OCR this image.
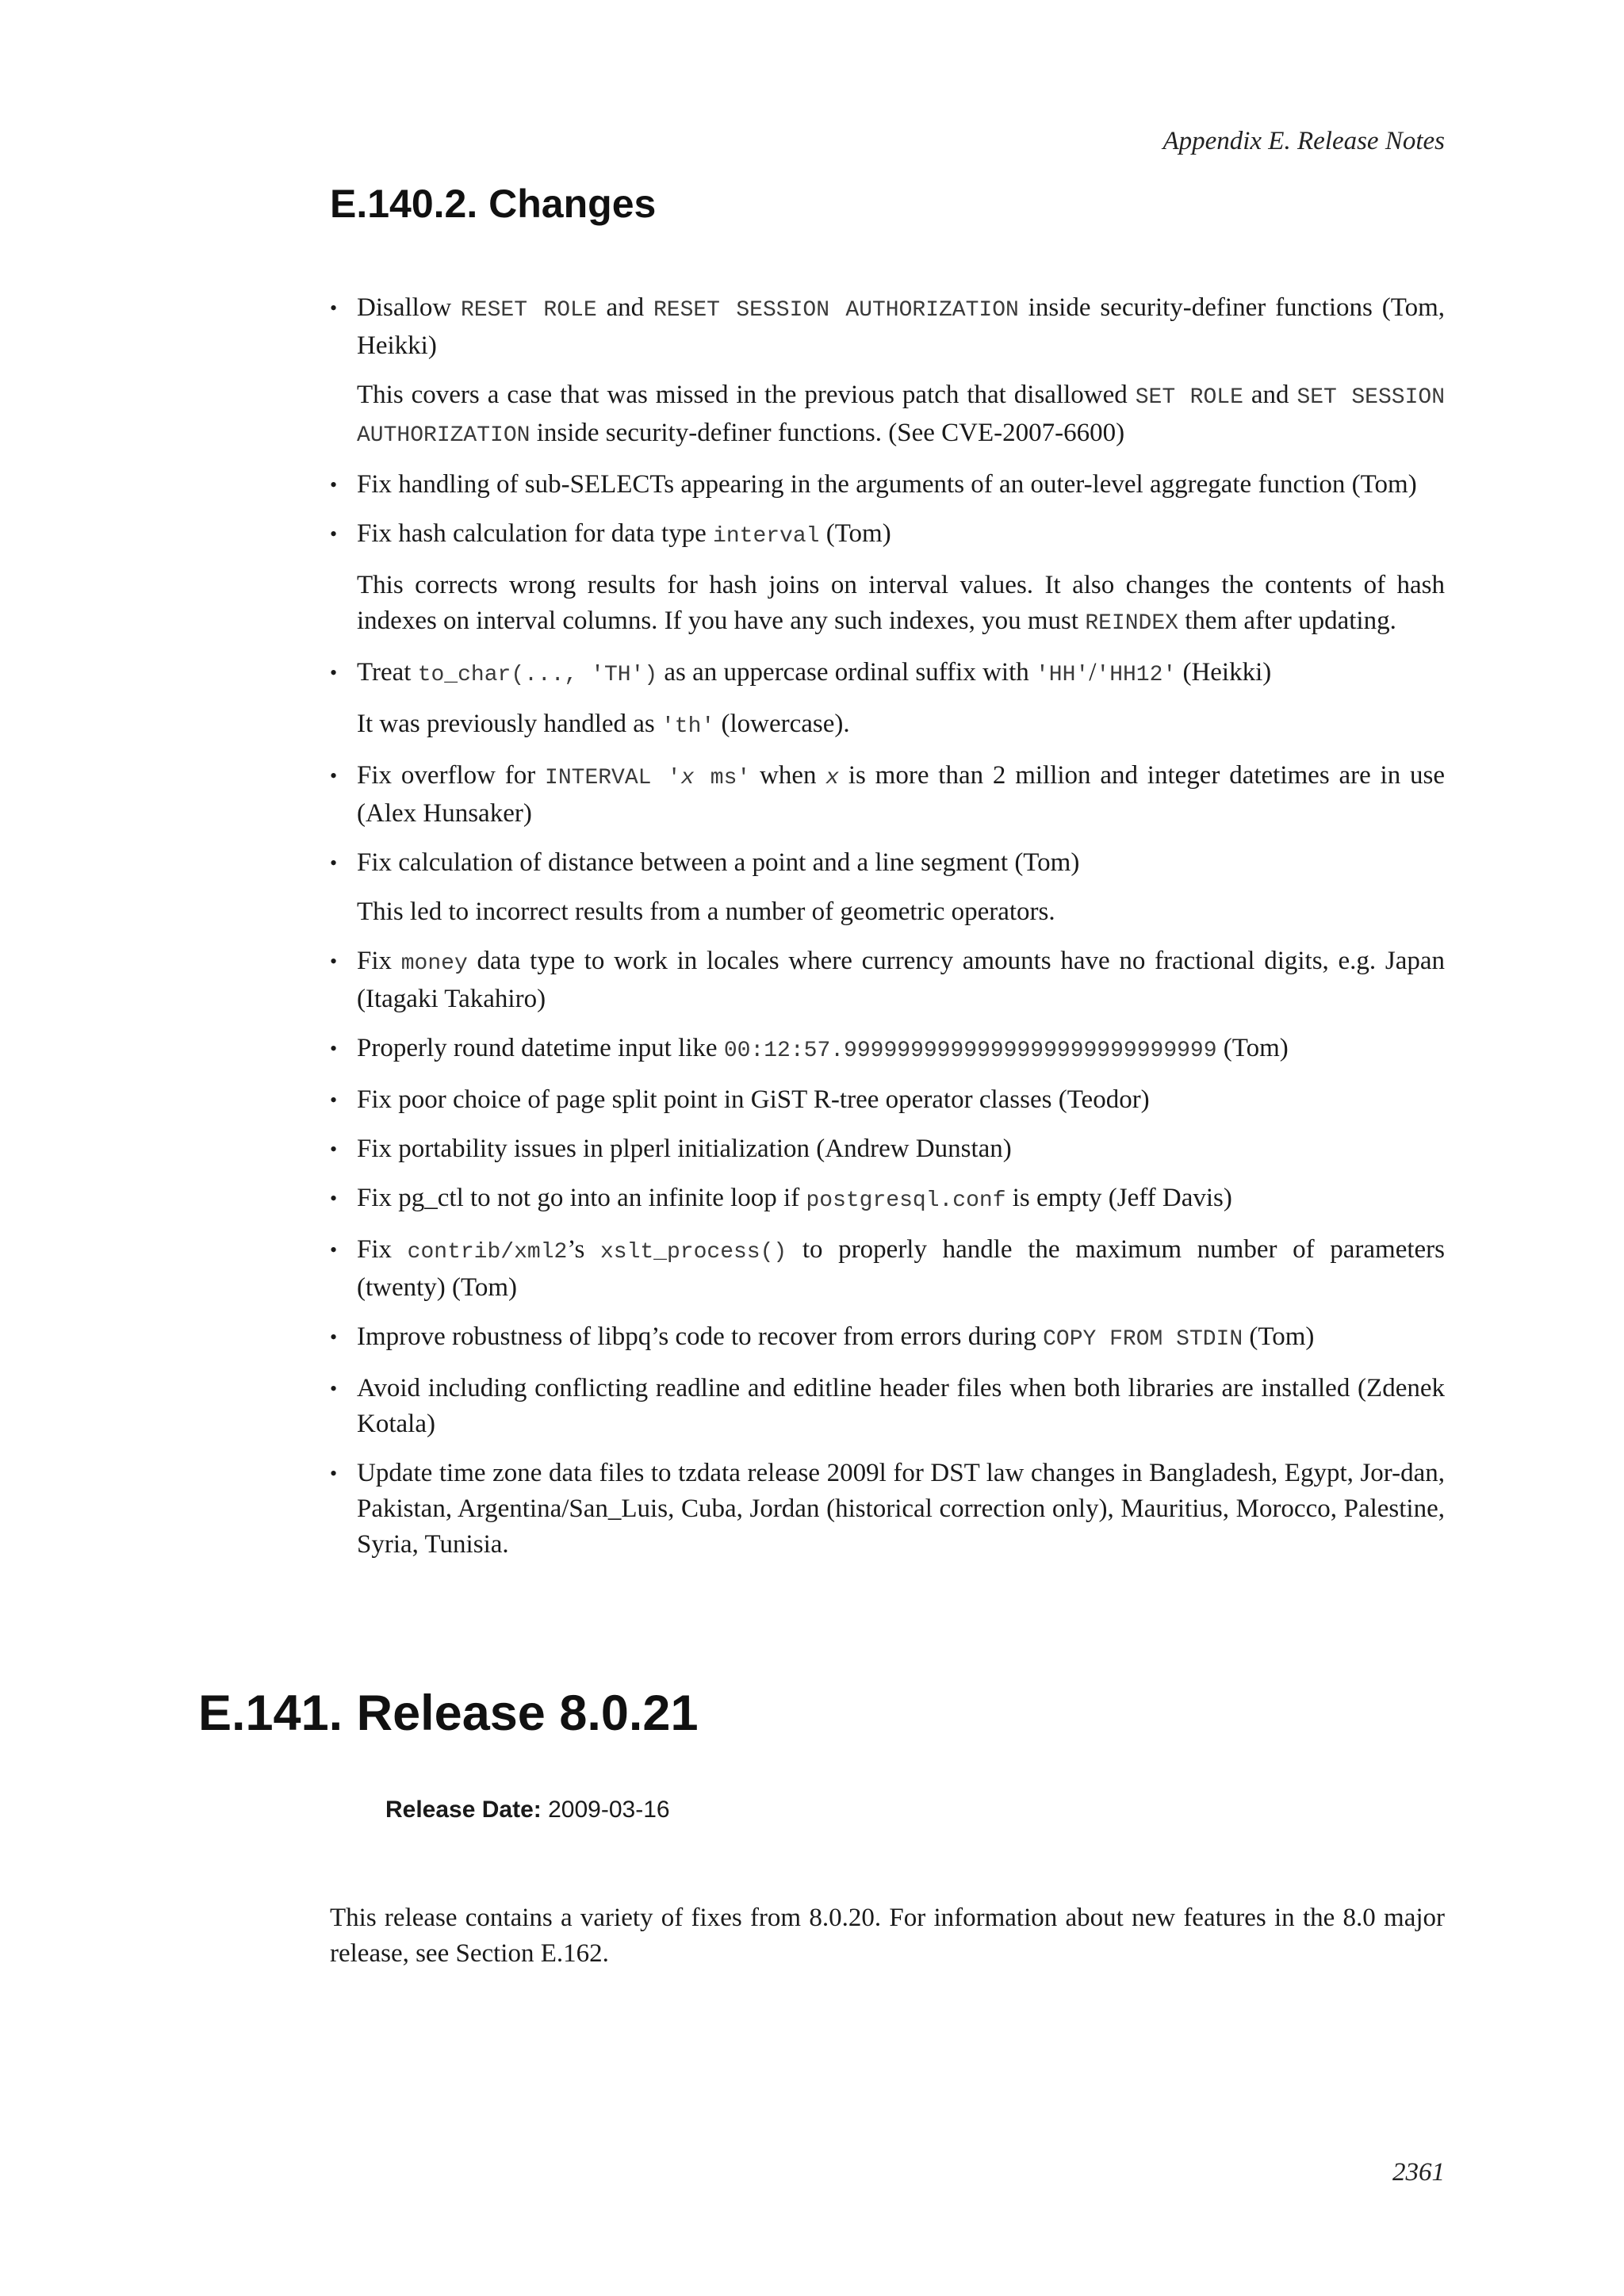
Appendix E. Release Notes
E.140.2. Changes
• Disallow RESET ROLE and RESET SESSION AUTHORIZATION inside security-definer functions (Tom, Heikki)
This covers a case that was missed in the previous patch that disallowed SET ROLE and SET SESSION AUTHORIZATION inside security-definer functions. (See CVE-2007-6600)
• Fix handling of sub-SELECTs appearing in the arguments of an outer-level aggregate function (Tom)
• Fix hash calculation for data type interval (Tom)
This corrects wrong results for hash joins on interval values. It also changes the contents of hash indexes on interval columns. If you have any such indexes, you must REINDEX them after updating.
• Treat to_char(..., 'TH') as an uppercase ordinal suffix with 'HH'/'HH12' (Heikki)
It was previously handled as 'th' (lowercase).
• Fix overflow for INTERVAL 'x ms' when x is more than 2 million and integer datetimes are in use (Alex Hunsaker)
• Fix calculation of distance between a point and a line segment (Tom)
This led to incorrect results from a number of geometric operators.
• Fix money data type to work in locales where currency amounts have no fractional digits, e.g. Japan (Itagaki Takahiro)
• Properly round datetime input like 00:12:57.9999999999999999999999999999 (Tom)
• Fix poor choice of page split point in GiST R-tree operator classes (Teodor)
• Fix portability issues in plperl initialization (Andrew Dunstan)
• Fix pg_ctl to not go into an infinite loop if postgresql.conf is empty (Jeff Davis)
• Fix contrib/xml2’s xslt_process() to properly handle the maximum number of parameters (twenty) (Tom)
• Improve robustness of libpq’s code to recover from errors during COPY FROM STDIN (Tom)
• Avoid including conflicting readline and editline header files when both libraries are installed (Zdenek Kotala)
• Update time zone data files to tzdata release 2009l for DST law changes in Bangladesh, Egypt, Jor-dan, Pakistan, Argentina/San_Luis, Cuba, Jordan (historical correction only), Mauritius, Morocco, Palestine, Syria, Tunisia.
E.141. Release 8.0.21
Release Date: 2009-03-16

This release contains a variety of fixes from 8.0.20. For information about new features in the 8.0 major release, see Section E.162.

2361
